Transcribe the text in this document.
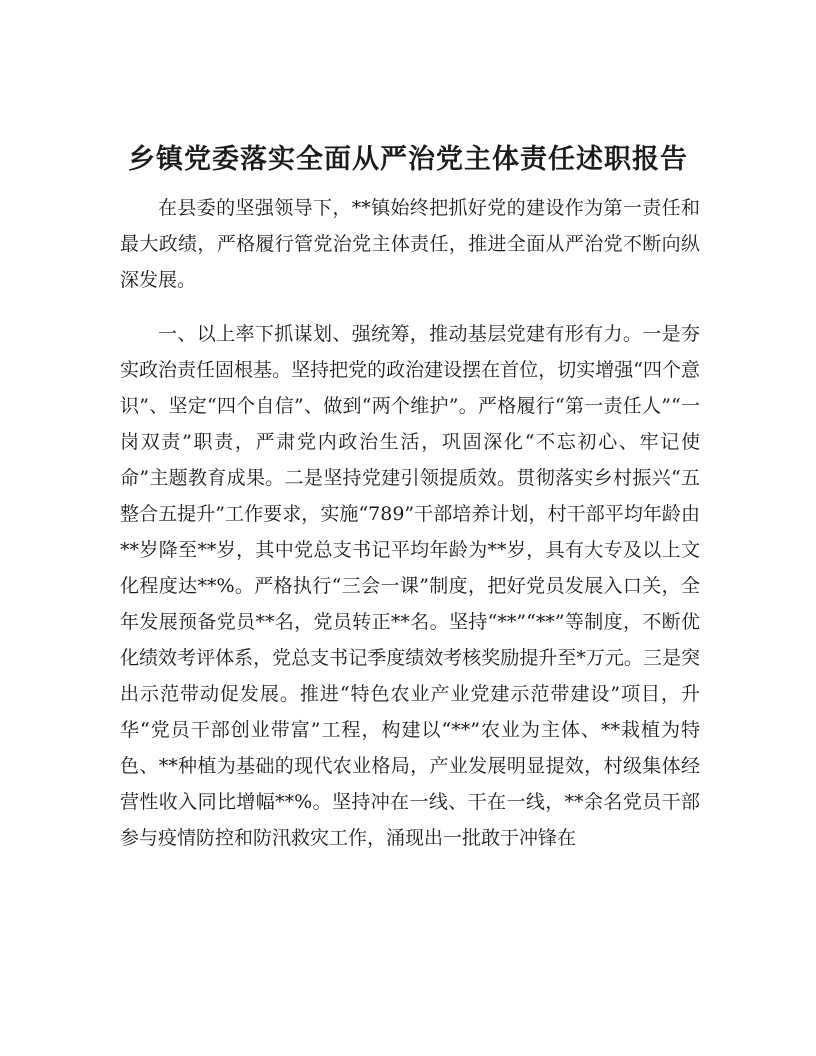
乡镇党委落实全面从严治党主体责任述职报告

在县委的坚强领导下，**镇始终把抓好党的建设作为第一责任和最大政绩，严格履行管党治党主体责任，推进全面从严治党不断向纵深发展。

一、以上率下抓谋划、强统筹，推动基层党建有形有力。一是夯实政治责任固根基。坚持把党的政治建设摆在首位，切实增强“四个意识”、坚定“四个自信”、做到“两个维护”。严格履行“第一责任人”“一岗双责”职责，严肃党内政治生活，巩固深化“不忘初心、牢记使命”主题教育成果。二是坚持党建引领提质效。贯彻落实乡村振兴“五整合五提升”工作要求，实施“789”干部培养计划，村干部平均年龄由**岁降至**岁，其中党总支书记平均年龄为**岁，具有大专及以上文化程度达**%。严格执行“三会一课”制度，把好党员发展入口关，全年发展预备党员**名，党员转正**名。坚持“**”“**”等制度，不断优化绩效考评体系，党总支书记季度绩效考核奖励提升至*万元。三是突出示范带动促发展。推进“特色农业产业党建示范带建设”项目，升华“党员干部创业带富”工程，构建以“**”农业为主体、**栽植为特色、**种植为基础的现代农业格局，产业发展明显提效，村级集体经营性收入同比增幅**%。坚持冲在一线、干在一线，**余名党员干部参与疫情防控和防汛救灾工作，涌现出一批敢于冲锋在
